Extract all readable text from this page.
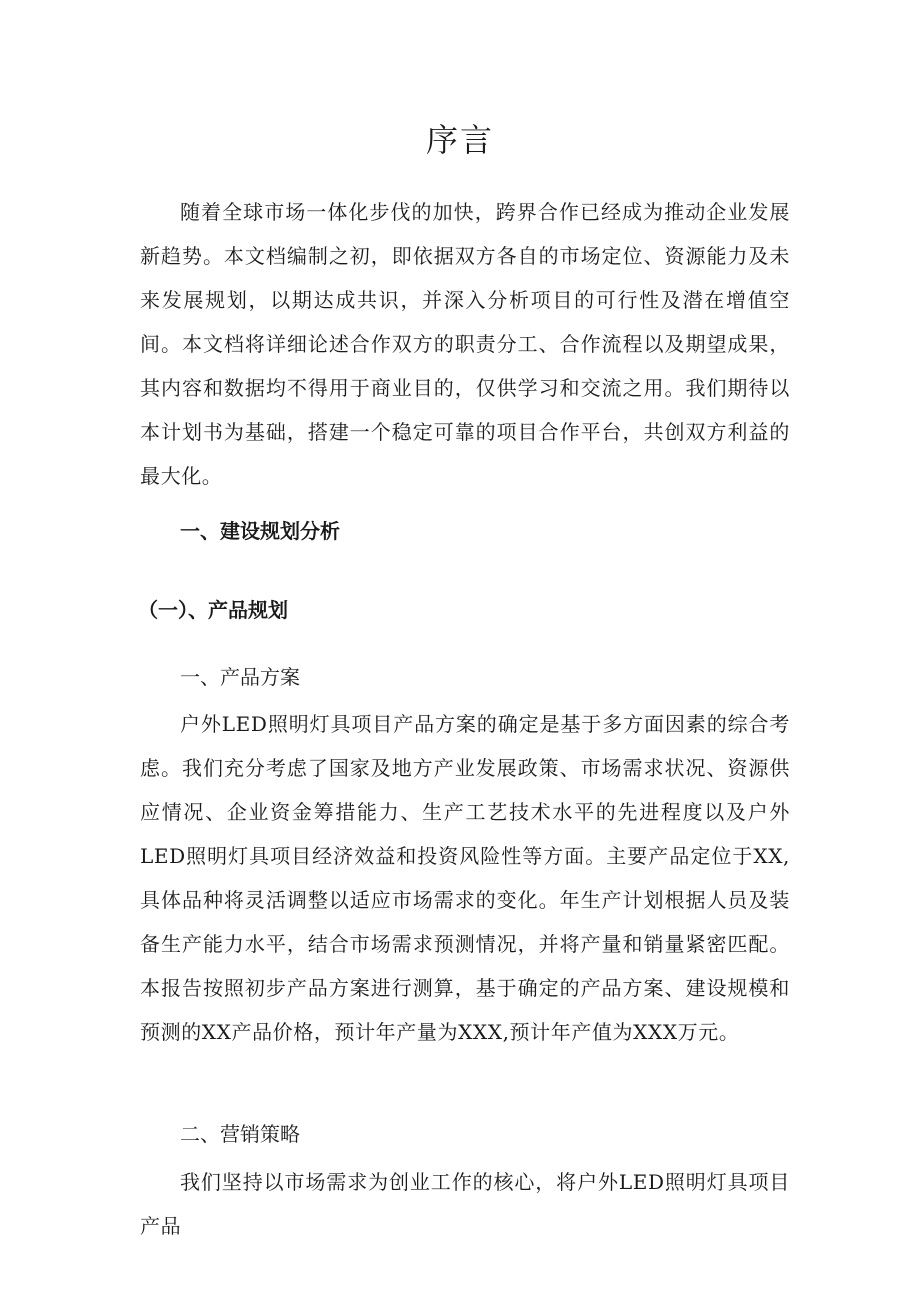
序言

随着全球市场一体化步伐的加快，跨界合作已经成为推动企业发展新趋势。本文档编制之初，即依据双方各自的市场定位、资源能力及未来发展规划，以期达成共识，并深入分析项目的可行性及潜在增值空间。本文档将详细论述合作双方的职责分工、合作流程以及期望成果，其内容和数据均不得用于商业目的，仅供学习和交流之用。我们期待以本计划书为基础，搭建一个稳定可靠的项目合作平台，共创双方利益的最大化。

一、建设规划分析
（一）、产品规划
一、产品方案

户外LED照明灯具项目产品方案的确定是基于多方面因素的综合考虑。我们充分考虑了国家及地方产业发展政策、市场需求状况、资源供应情况、企业资金筹措能力、生产工艺技术水平的先进程度以及户外LED照明灯具项目经济效益和投资风险性等方面。主要产品定位于XX,具体品种将灵活调整以适应市场需求的变化。年生产计划根据人员及装备生产能力水平，结合市场需求预测情况，并将产量和销量紧密匹配。本报告按照初步产品方案进行测算，基于确定的产品方案、建设规模和预测的XX产品价格，预计年产量为XXX,预计年产值为XXX万元。

二、营销策略

我们坚持以市场需求为创业工作的核心，将户外LED照明灯具项目产品
